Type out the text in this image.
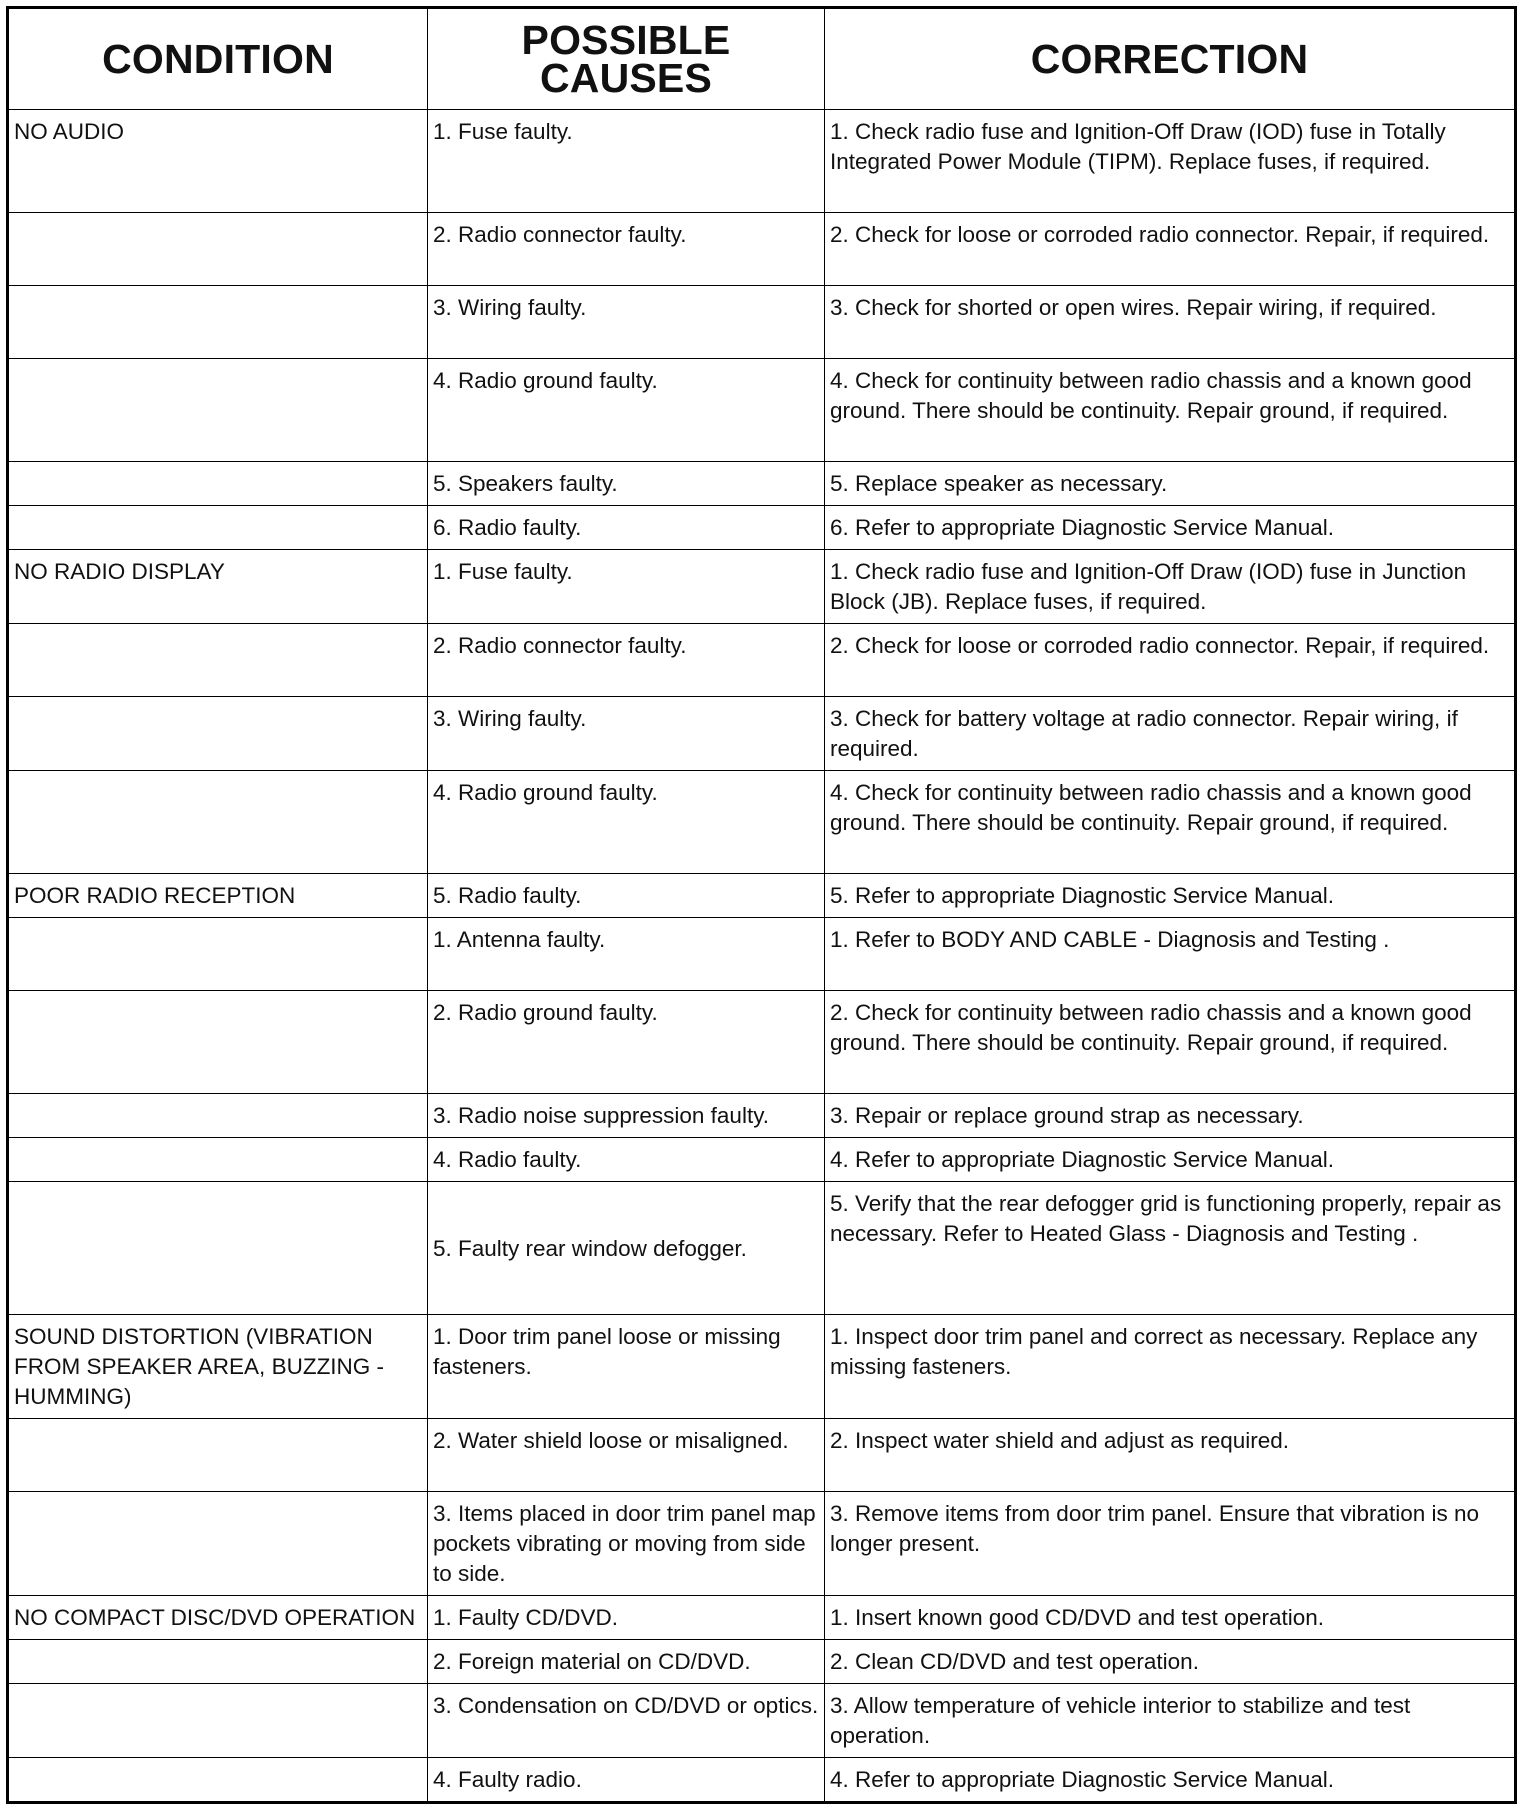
CONDITION	POSSIBLE CAUSES	CORRECTION
NO AUDIO	1. Fuse faulty.	1. Check radio fuse and Ignition-Off Draw (IOD) fuse in Totally Integrated Power Module (TIPM). Replace fuses, if required.
	2. Radio connector faulty.	2. Check for loose or corroded radio connector. Repair, if required.
	3. Wiring faulty.	3. Check for shorted or open wires. Repair wiring, if required.
	4. Radio ground faulty.	4. Check for continuity between radio chassis and a known good ground. There should be continuity. Repair ground, if required.
	5. Speakers faulty.	5. Replace speaker as necessary.
	6. Radio faulty.	6. Refer to appropriate Diagnostic Service Manual.
NO RADIO DISPLAY	1. Fuse faulty.	1. Check radio fuse and Ignition-Off Draw (IOD) fuse in Junction Block (JB). Replace fuses, if required.
	2. Radio connector faulty.	2. Check for loose or corroded radio connector. Repair, if required.
	3. Wiring faulty.	3. Check for battery voltage at radio connector. Repair wiring, if required.
	4. Radio ground faulty.	4. Check for continuity between radio chassis and a known good ground. There should be continuity. Repair ground, if required.
POOR RADIO RECEPTION	5. Radio faulty.	5. Refer to appropriate Diagnostic Service Manual.
	1. Antenna faulty.	1. Refer to BODY AND CABLE - Diagnosis and Testing .
	2. Radio ground faulty.	2. Check for continuity between radio chassis and a known good ground. There should be continuity. Repair ground, if required.
	3. Radio noise suppression faulty.	3. Repair or replace ground strap as necessary.
	4. Radio faulty.	4. Refer to appropriate Diagnostic Service Manual.
	5. Faulty rear window defogger.	5. Verify that the rear defogger grid is functioning properly, repair as necessary. Refer to Heated Glass - Diagnosis and Testing .
SOUND DISTORTION (VIBRATION FROM SPEAKER AREA, BUZZING - HUMMING)	1. Door trim panel loose or missing fasteners.	1. Inspect door trim panel and correct as necessary. Replace any missing fasteners.
	2. Water shield loose or misaligned.	2. Inspect water shield and adjust as required.
	3. Items placed in door trim panel map pockets vibrating or moving from side to side.	3. Remove items from door trim panel. Ensure that vibration is no longer present.
NO COMPACT DISC/DVD OPERATION	1. Faulty CD/DVD.	1. Insert known good CD/DVD and test operation.
	2. Foreign material on CD/DVD.	2. Clean CD/DVD and test operation.
	3. Condensation on CD/DVD or optics.	3. Allow temperature of vehicle interior to stabilize and test operation.
	4. Faulty radio.	4. Refer to appropriate Diagnostic Service Manual.
